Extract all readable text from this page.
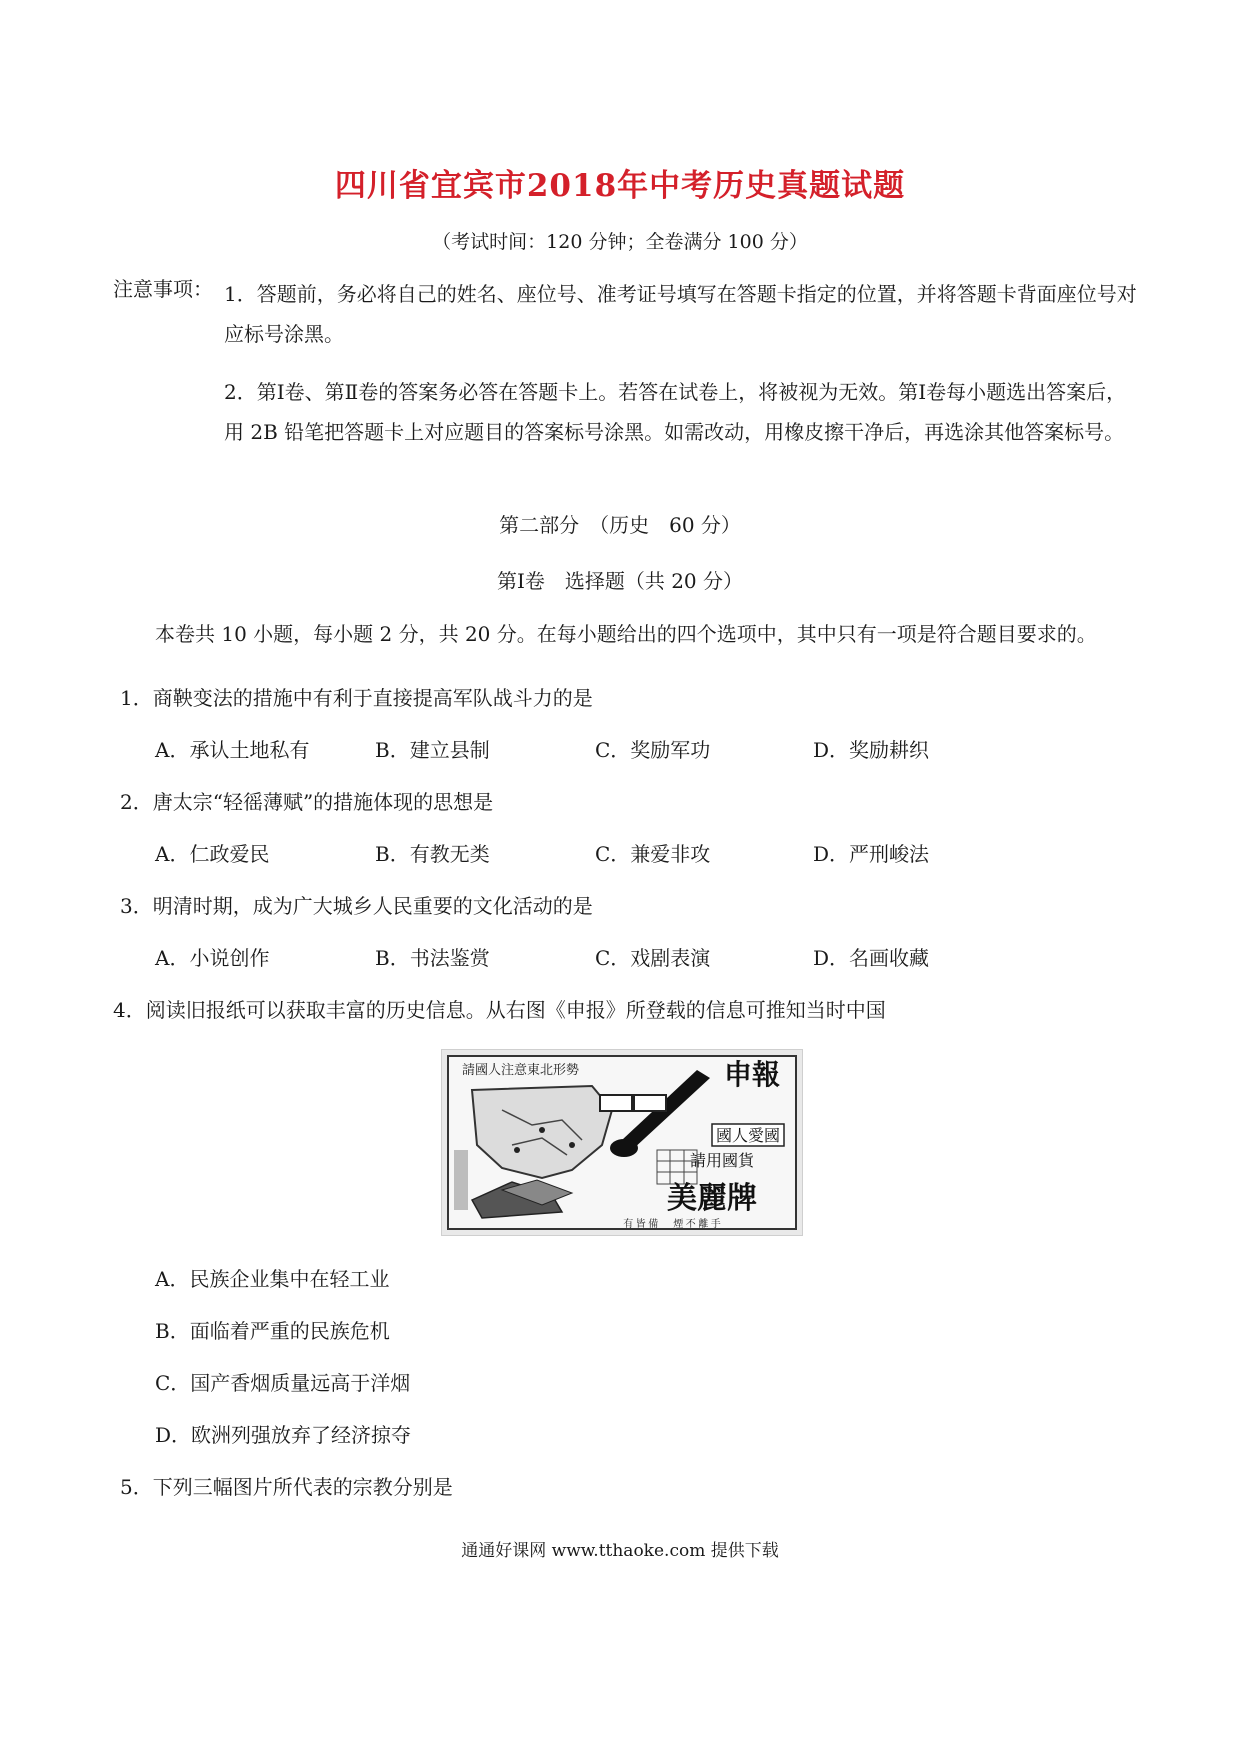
四川省宜宾市2018年中考历史真题试题
（考试时间：120 分钟；全卷满分 100 分）
注意事项： 1．答题前，务必将自己的姓名、座位号、准考证号填写在答题卡指定的位置，并将答题卡背面座位号对应标号涂黑。
2．第Ⅰ卷、第Ⅱ卷的答案务必答在答题卡上。若答在试卷上，将被视为无效。第Ⅰ卷每小题选出答案后，用 2B 铅笔把答题卡上对应题目的答案标号涂黑。如需改动，用橡皮擦干净后，再选涂其他答案标号。
第二部分　（历史　60 分）
第Ⅰ卷　选择题（共 20 分）
本卷共 10 小题，每小题 2 分，共 20 分。在每小题给出的四个选项中，其中只有一项是符合题目要求的。
1．商鞅变法的措施中有利于直接提高军队战斗力的是
A．承认土地私有	B．建立县制	C．奖励军功	D．奖励耕织
2．唐太宗“轻徭薄赋”的措施体现的思想是
A．仁政爱民	B．有教无类	C．兼爱非攻	D．严刑峻法
3．明清时期，成为广大城乡人民重要的文化活动的是
A．小说创作	B．书法鉴赏	C．戏剧表演	D．名画收藏
4．阅读旧报纸可以获取丰富的历史信息。从右图《申报》所登载的信息可推知当时中国
請國人注意東北形勢	申報
國人愛國
請用國貨
美麗牌
有 皆 備 　 煙 不 離 手
A．民族企业集中在轻工业
B．面临着严重的民族危机
C．国产香烟质量远高于洋烟
D．欧洲列强放弃了经济掠夺
5．下列三幅图片所代表的宗教分别是
通通好课网 www.tthaoke.com 提供下载
